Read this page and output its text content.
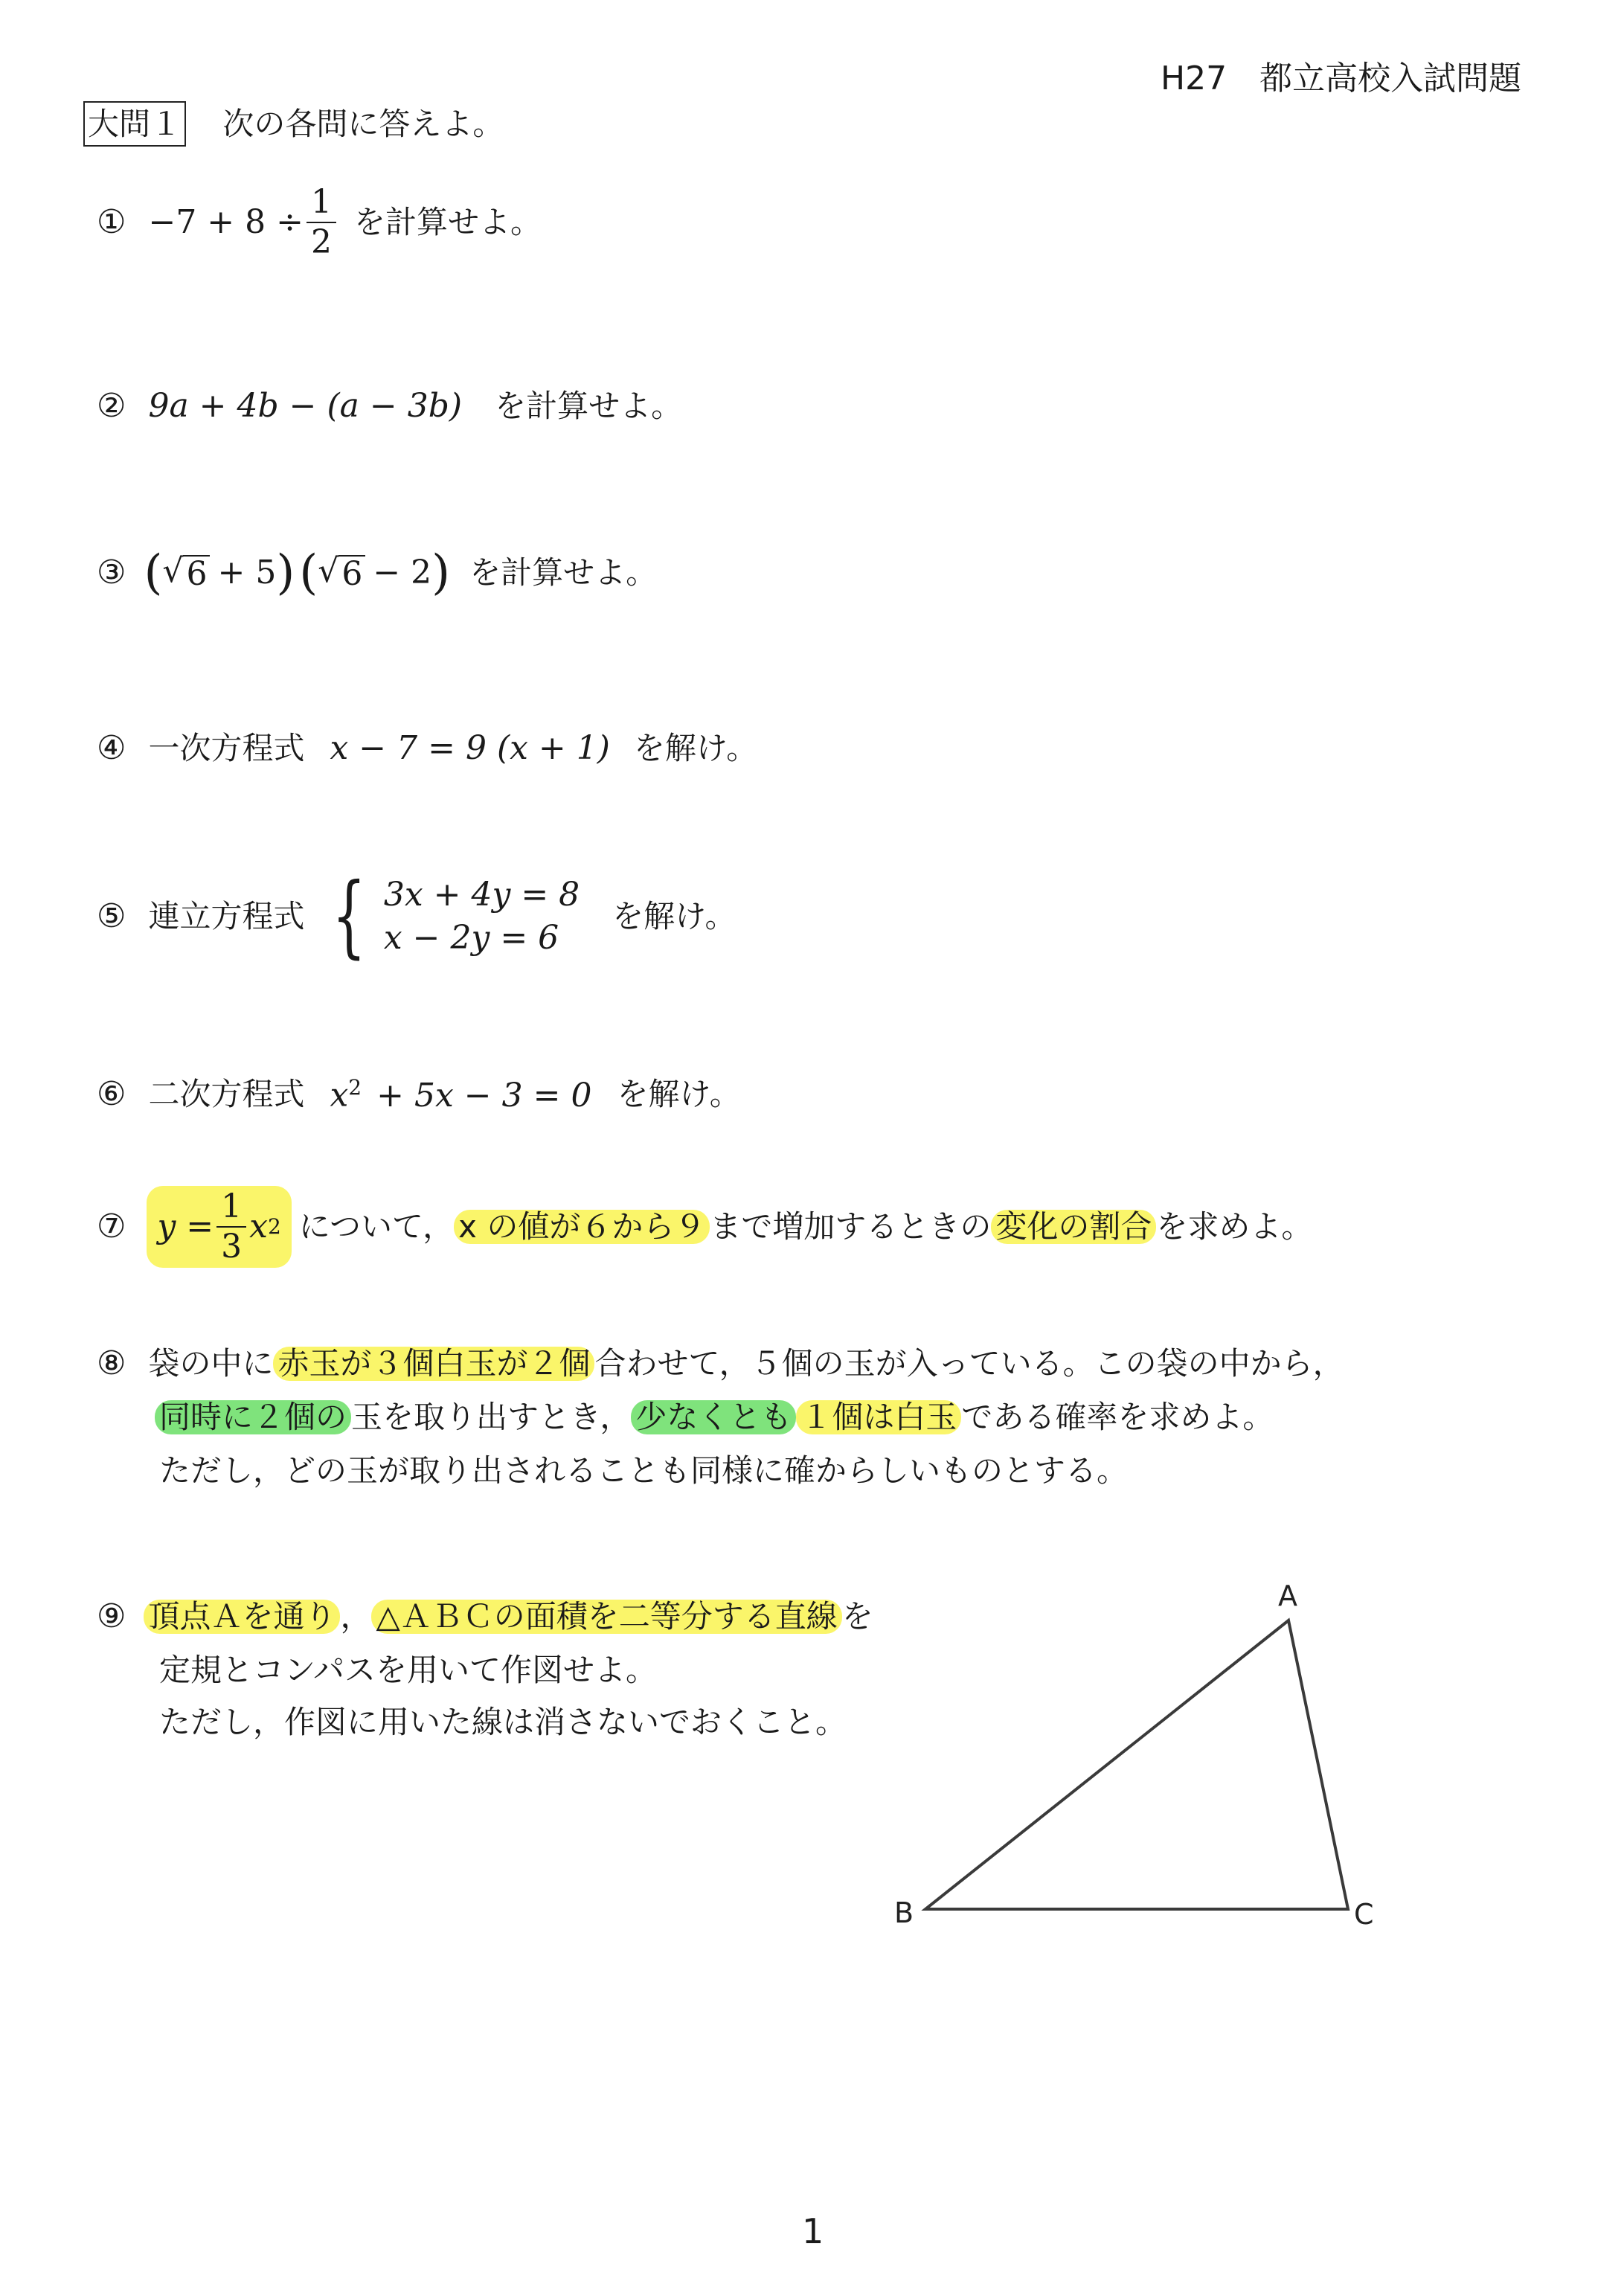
H27　都立高校入試問題
大問１ 次の各問に答えよ。
① $-7 + 8 \div \frac{1}{2}$ を計算せよ。
② 9a + 4b − (a − 3b) を計算せよ。
③ ( √ 6 + 5 ) ( √ 6 − 2 ) を計算せよ。
④ 一次方程式 x − 7 = 9 (x + 1) を解け。
⑤ 連立方程式 { 3x + 4y = 8
x − 2y = 6
を解け。
⑥ 二次方程式 $x^2 + 5x - 3 = 0$ を解け。
⑦ $y = \frac{1}{3}$ x 2 について， x の値が６から９ まで増加するときの 変化の割合 を求めよ。
⑧ 袋の中に 赤玉が３個白玉が２個 合わせて，５個の玉が入っている。この袋の中から，
同時に２個の 玉を取り出すとき， 少なくとも １個は白玉 である確率を求めよ。
ただし，どの玉が取り出されることも同様に確からしいものとする。
⑨ 頂点Ａを通り ， △ＡＢＣの面積を二等分する直線 を
定規とコンパスを用いて作図せよ。
ただし，作図に用いた線は消さないでおくこと。
A
B	C
1
